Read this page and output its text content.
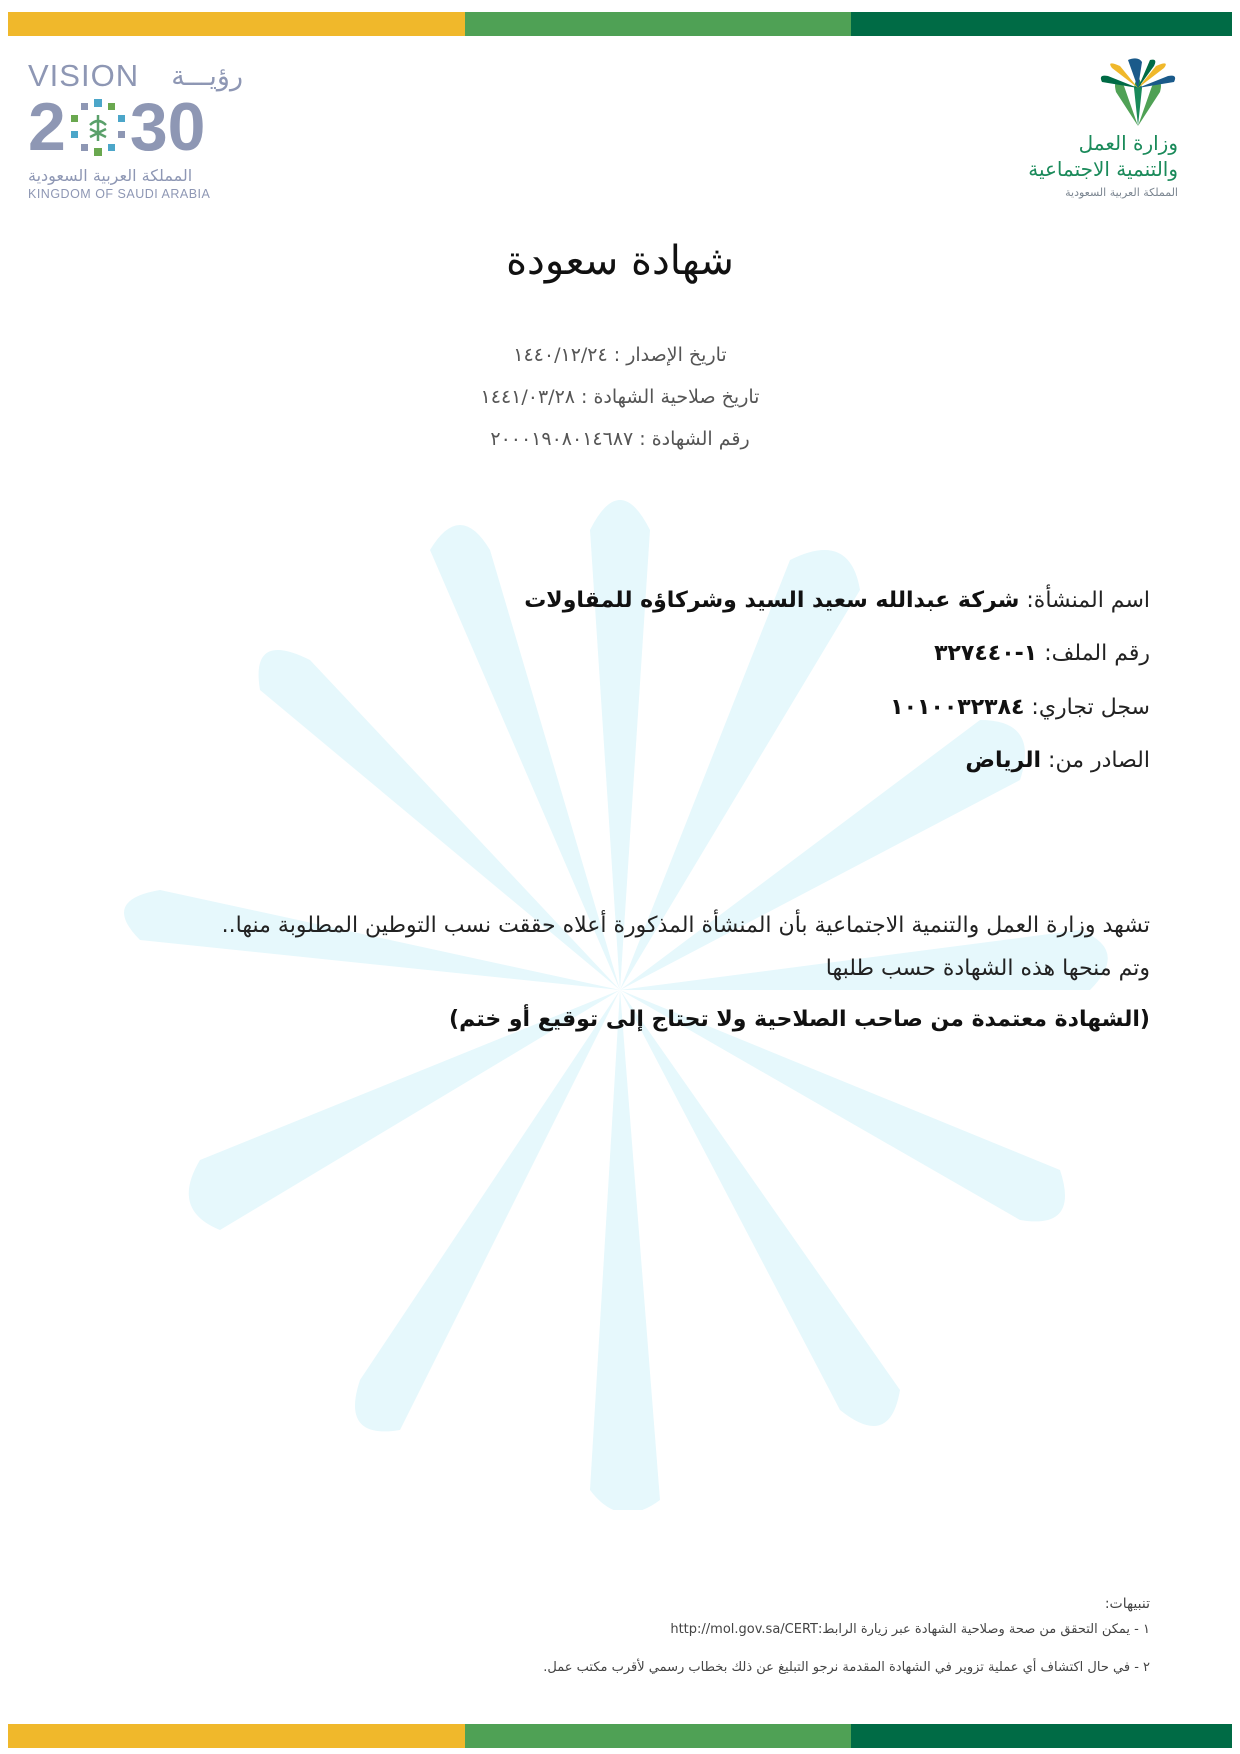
VISION رؤيـــة
2 30
المملكة العربية السعودية
KINGDOM OF SAUDI ARABIA
وزارة العمل
والتنمية الاجتماعية
المملكة العربية السعودية
شهادة سعودة
تاريخ الإصدار : ١٤٤٠/١٢/٢٤
تاريخ صلاحية الشهادة : ١٤٤١/٠٣/٢٨
رقم الشهادة : ٢٠٠٠١٩٠٨٠١٤٦٨٧
اسم المنشأة: شركة عبدالله سعيد السيد وشركاؤه للمقاولات
رقم الملف: ١-٣٢٧٤٤٠
سجل تجاري: ١٠١٠٠٣٢٣٨٤
الصادر من: الرياض
تشهد وزارة العمل والتنمية الاجتماعية بأن المنشأة المذكورة أعلاه حققت نسب التوطين المطلوبة منها..
وتم منحها هذه الشهادة حسب طلبها
(الشهادة معتمدة من صاحب الصلاحية ولا تحتاج إلى توقيع أو ختم)
تنبيهات:
١ - يمكن التحقق من صحة وصلاحية الشهادة عبر زيارة الرابط:http://mol.gov.sa/CERT
٢ - في حال اكتشاف أي عملية تزوير في الشهادة المقدمة نرجو التبليغ عن ذلك بخطاب رسمي لأقرب مكتب عمل.
